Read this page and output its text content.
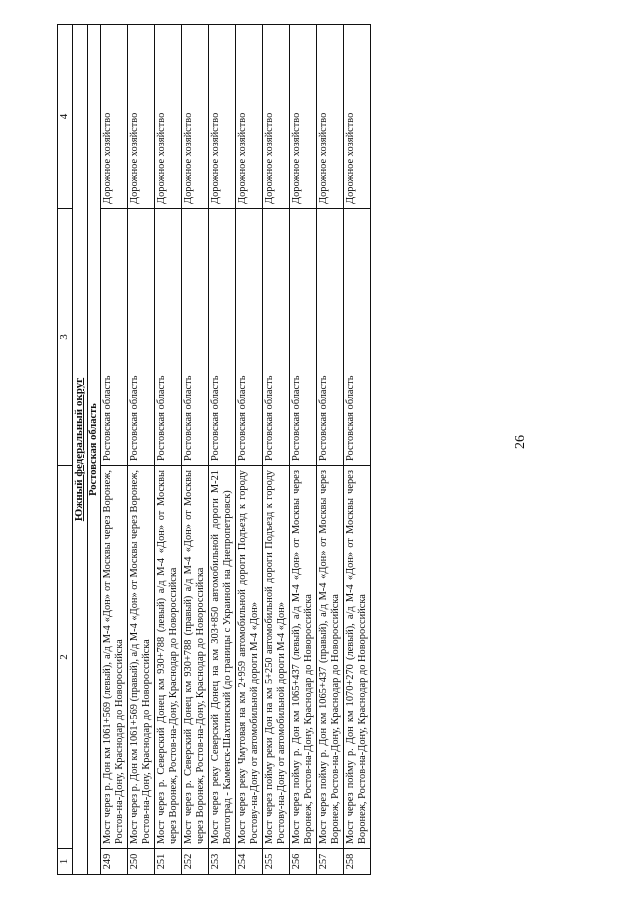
26
1	2	3	4
Южный федеральный округ			
Ростовская область			
249	Мост через р. Дон км 1061+569 (левый), а/д М-4 «Дон» от Москвы через Воронеж, Ростов-на-Дону, Краснодар до Новороссийска	Ростовская область	Дорожное хозяйство
250	Мост через р. Дон км 1061+569 (правый), а/д М-4 «Дон» от Москвы через Воронеж, Ростов-на-Дону, Краснодар до Новороссийска	Ростовская область	Дорожное хозяйство
251	Мост через р. Северский Донец км 930+788 (левый) а/д М-4 «Дон» от Москвы через Воронеж, Ростов-на-Дону, Краснодар до Новороссийска	Ростовская область	Дорожное хозяйство
252	Мост через р. Северский Донец км 930+788 (правый) а/д М-4 «Дон» от Москвы через Воронеж, Ростов-на-Дону, Краснодар до Новороссийска	Ростовская область	Дорожное хозяйство
253	Мост через реку Северский Донец на км 303+850 автомобильной дороги М-21 Волгоград - Каменск-Шахтинский (до границы с Украиной на Днепропетровск)	Ростовская область	Дорожное хозяйство
254	Мост через реку Чмутовая на км 2+959 автомобильной дороги Подъезд к городу Ростову-на-Дону от автомобильной дороги М-4 «Дон»	Ростовская область	Дорожное хозяйство
255	Мост через пойму реки Дон на км 5+250 автомобильной дороги Подъезд к городу Ростову-на-Дону от автомобильной дороги М-4 «Дон»	Ростовская область	Дорожное хозяйство
256	Мост через пойму р. Дон км 1065+437 (левый), а/д М-4 «Дон» от Москвы через Воронеж, Ростов-на-Дону, Краснодар до Новороссийска	Ростовская область	Дорожное хозяйство
257	Мост через пойму р. Дон км 1065+437 (правый), а/д М-4 «Дон» от Москвы через Воронеж, Ростов-на-Дону, Краснодар до Новороссийска	Ростовская область	Дорожное хозяйство
258	Мост через пойму р. Дон км 1070+270 (левый), а/д М-4 «Дон» от Москвы через Воронеж, Ростов-на-Дону, Краснодар до Новороссийска	Ростовская область	Дорожное хозяйство
